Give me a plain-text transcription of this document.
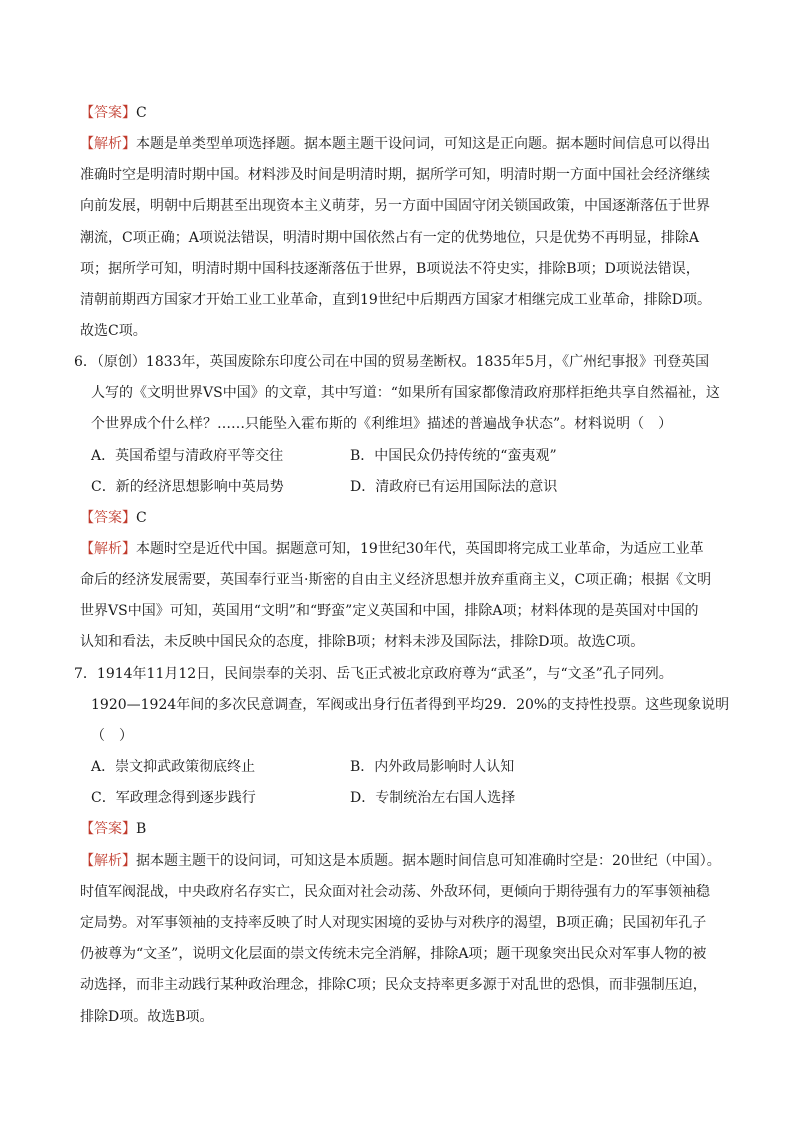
【答案】C
【解析】本题是单类型单项选择题。据本题主题干设问词，可知这是正向题。据本题时间信息可以得出
准确时空是明清时期中国。材料涉及时间是明清时期，据所学可知，明清时期一方面中国社会经济继续
向前发展，明朝中后期甚至出现资本主义萌芽，另一方面中国固守闭关锁国政策，中国逐渐落伍于世界
潮流，C项正确；A项说法错误，明清时期中国依然占有一定的优势地位，只是优势不再明显，排除A
项；据所学可知，明清时期中国科技逐渐落伍于世界，B项说法不符史实，排除B项；D项说法错误，
清朝前期西方国家才开始工业工业革命，直到19世纪中后期西方国家才相继完成工业革命，排除D项。
故选C项。
6．（原创）1833年，英国废除东印度公司在中国的贸易垄断权。1835年5月，《广州纪事报》刊登英国
人写的《文明世界VS中国》的文章，其中写道：“如果所有国家都像清政府那样拒绝共享自然福祉，这
个世界成个什么样？……只能坠入霍布斯的《利维坦》描述的普遍战争状态”。材料说明（　）
A．英国希望与清政府平等交往	B．中国民众仍持传统的“蛮夷观”
C．新的经济思想影响中英局势	D．清政府已有运用国际法的意识
【答案】C
【解析】本题时空是近代中国。据题意可知，19世纪30年代，英国即将完成工业革命，为适应工业革
命后的经济发展需要，英国奉行亚当·斯密的自由主义经济思想并放弃重商主义，C项正确；根据《文明
世界VS中国》可知，英国用“文明”和“野蛮”定义英国和中国，排除A项；材料体现的是英国对中国的
认知和看法，未反映中国民众的态度，排除B项；材料未涉及国际法，排除D项。故选C项。
7．1914年11月12日，民间崇奉的关羽、岳飞正式被北京政府尊为“武圣”，与“文圣”孔子同列。
1920—1924年间的多次民意调查，军阀或出身行伍者得到平均29．20%的支持性投票。这些现象说明
（　）
A．崇文抑武政策彻底终止	B．内外政局影响时人认知
C．军政理念得到逐步践行	D．专制统治左右国人选择
【答案】B
【解析】据本题主题干的设问词，可知这是本质题。据本题时间信息可知准确时空是：20世纪（中国）。
时值军阀混战，中央政府名存实亡，民众面对社会动荡、外敌环伺，更倾向于期待强有力的军事领袖稳
定局势。对军事领袖的支持率反映了时人对现实困境的妥协与对秩序的渴望，B项正确；民国初年孔子
仍被尊为“文圣”，说明文化层面的崇文传统未完全消解，排除A项；题干现象突出民众对军事人物的被
动选择，而非主动践行某种政治理念，排除C项；民众支持率更多源于对乱世的恐惧，而非强制压迫，
排除D项。故选B项。
